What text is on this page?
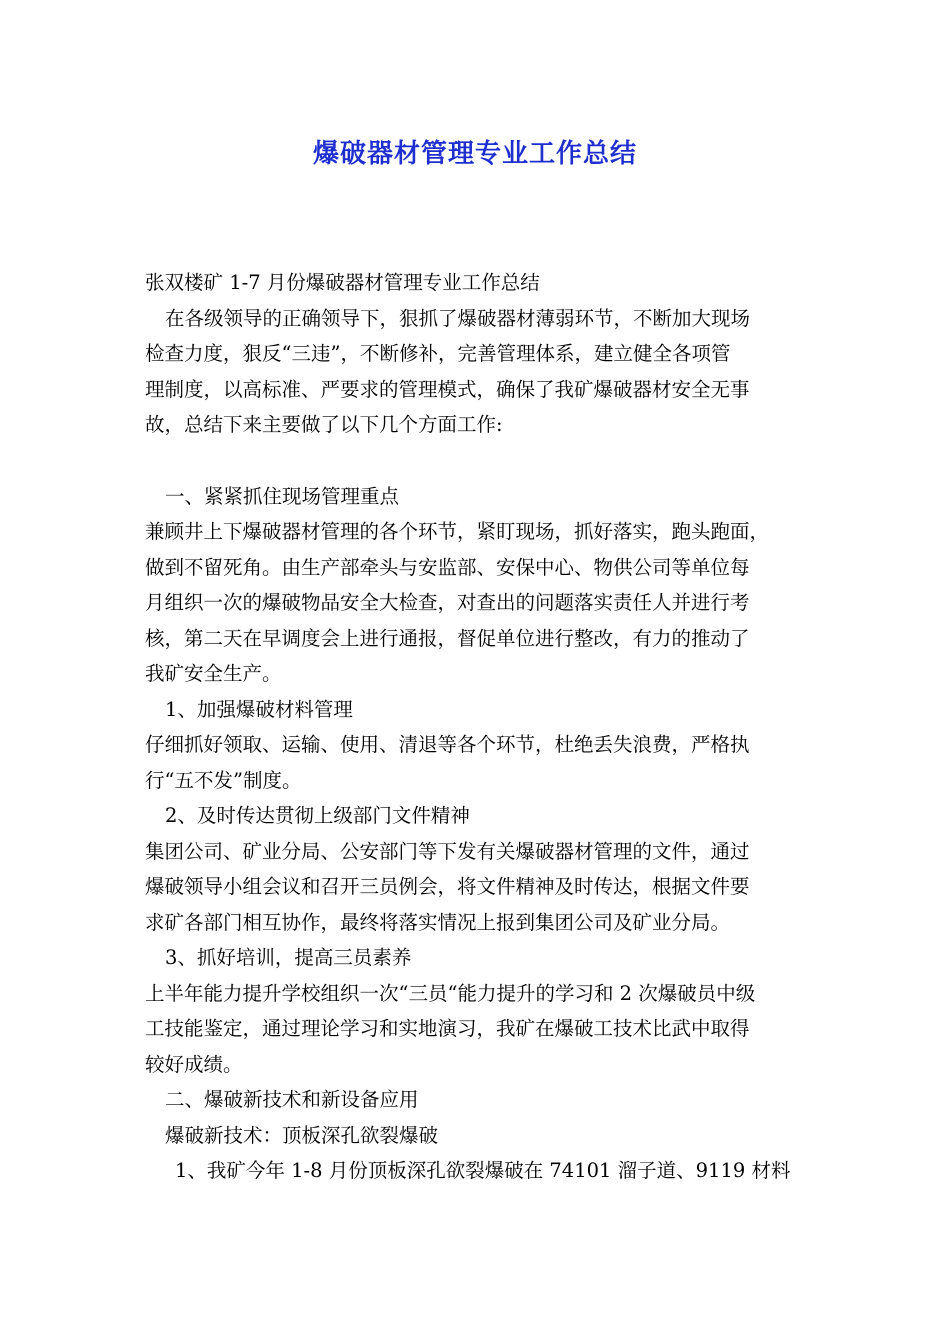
爆破器材管理专业工作总结
张双楼矿 1-7 月份爆破器材管理专业工作总结
在各级领导的正确领导下，狠抓了爆破器材薄弱环节，不断加大现场
检查力度，狠反“三违”，不断修补，完善管理体系，建立健全各项管
理制度，以高标准、严要求的管理模式，确保了我矿爆破器材安全无事
故，总结下来主要做了以下几个方面工作:
一、紧紧抓住现场管理重点
兼顾井上下爆破器材管理的各个环节，紧盯现场，抓好落实，跑头跑面，
做到不留死角。由生产部牵头与安监部、安保中心、物供公司等单位每
月组织一次的爆破物品安全大检查，对查出的问题落实责任人并进行考
核，第二天在早调度会上进行通报，督促单位进行整改，有力的推动了
我矿安全生产。
1、加强爆破材料管理
仔细抓好领取、运输、使用、清退等各个环节，杜绝丢失浪费，严格执
行“五不发”制度。
2、及时传达贯彻上级部门文件精神
集团公司、矿业分局、公安部门等下发有关爆破器材管理的文件，通过
爆破领导小组会议和召开三员例会，将文件精神及时传达，根据文件要
求矿各部门相互协作，最终将落实情况上报到集团公司及矿业分局。
3、抓好培训，提高三员素养
上半年能力提升学校组织一次“三员“能力提升的学习和 2 次爆破员中级
工技能鉴定，通过理论学习和实地演习，我矿在爆破工技术比武中取得
较好成绩。
二、爆破新技术和新设备应用
爆破新技术：顶板深孔欲裂爆破
1、我矿今年 1-8 月份顶板深孔欲裂爆破在 74101 溜子道、9119 材料
